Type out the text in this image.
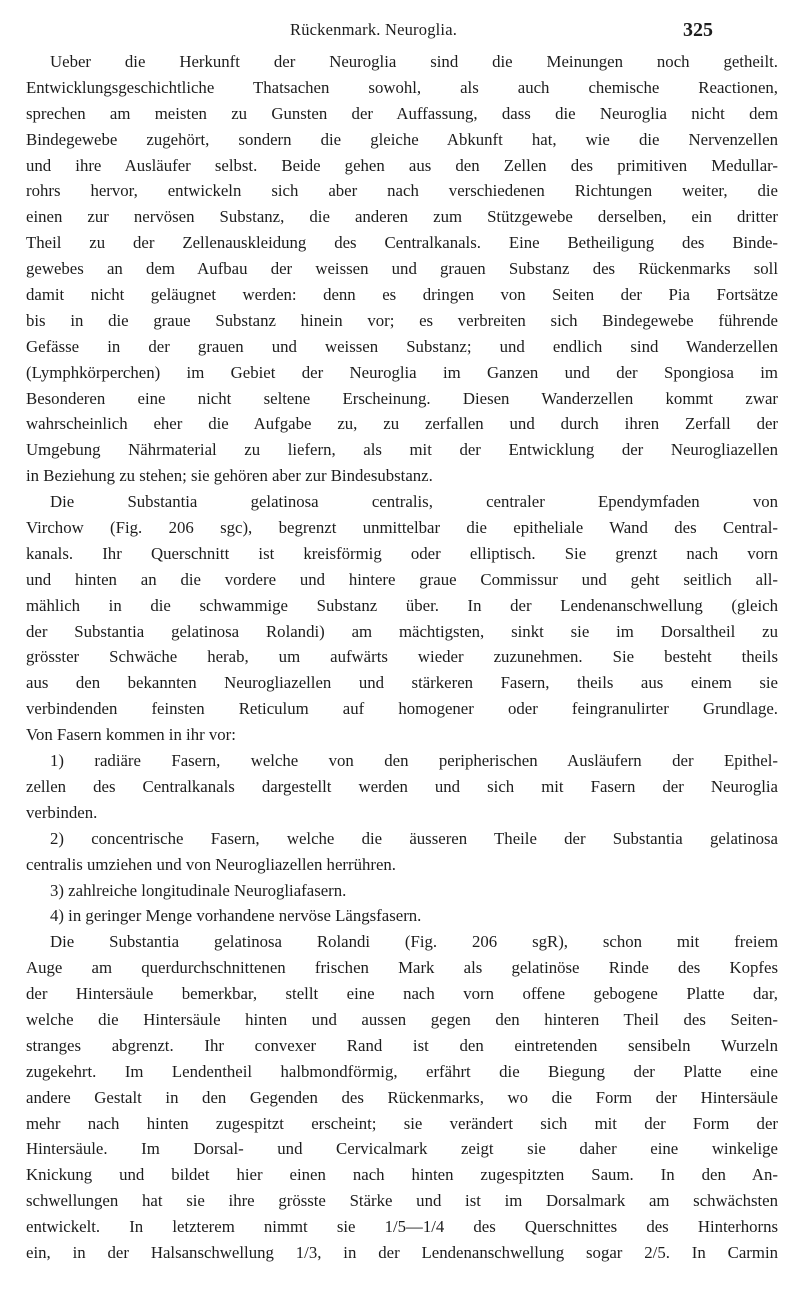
Rückenmark. Neuroglia.	325
Ueber die Herkunft der Neuroglia sind die Meinungen noch getheilt.
Entwicklungsgeschichtliche Thatsachen sowohl, als auch chemische Reactionen,
sprechen am meisten zu Gunsten der Auffassung, dass die Neuroglia nicht dem
Bindegewebe zugehört, sondern die gleiche Abkunft hat, wie die Nervenzellen
und ihre Ausläufer selbst. Beide gehen aus den Zellen des primitiven Medullar-
rohrs hervor, entwickeln sich aber nach verschiedenen Richtungen weiter, die
einen zur nervösen Substanz, die anderen zum Stützgewebe derselben, ein dritter
Theil zu der Zellenauskleidung des Centralkanals. Eine Betheiligung des Binde-
gewebes an dem Aufbau der weissen und grauen Substanz des Rückenmarks soll
damit nicht geläugnet werden: denn es dringen von Seiten der Pia Fortsätze
bis in die graue Substanz hinein vor; es verbreiten sich Bindegewebe führende
Gefässe in der grauen und weissen Substanz; und endlich sind Wanderzellen
(Lymphkörperchen) im Gebiet der Neuroglia im Ganzen und der Spongiosa im
Besonderen eine nicht seltene Erscheinung. Diesen Wanderzellen kommt zwar
wahrscheinlich eher die Aufgabe zu, zu zerfallen und durch ihren Zerfall der
Umgebung Nährmaterial zu liefern, als mit der Entwicklung der Neurogliazellen
in Beziehung zu stehen; sie gehören aber zur Bindesubstanz.
Die Substantia gelatinosa centralis, centraler Ependymfaden von
Virchow (Fig. 206 sgc), begrenzt unmittelbar die epitheliale Wand des Central-
kanals. Ihr Querschnitt ist kreisförmig oder elliptisch. Sie grenzt nach vorn
und hinten an die vordere und hintere graue Commissur und geht seitlich all-
mählich in die schwammige Substanz über. In der Lendenanschwellung (gleich
der Substantia gelatinosa Rolandi) am mächtigsten, sinkt sie im Dorsaltheil zu
grösster Schwäche herab, um aufwärts wieder zuzunehmen. Sie besteht theils
aus den bekannten Neurogliazellen und stärkeren Fasern, theils aus einem sie
verbindenden feinsten Reticulum auf homogener oder feingranulirter Grundlage.
Von Fasern kommen in ihr vor:
1) radiäre Fasern, welche von den peripherischen Ausläufern der Epithel-
zellen des Centralkanals dargestellt werden und sich mit Fasern der Neuroglia
verbinden.
2) concentrische Fasern, welche die äusseren Theile der Substantia gelatinosa
centralis umziehen und von Neurogliazellen herrühren.
3) zahlreiche longitudinale Neurogliafasern.
4) in geringer Menge vorhandene nervöse Längsfasern.
Die Substantia gelatinosa Rolandi (Fig. 206 sgR), schon mit freiem
Auge am querdurchschnittenen frischen Mark als gelatinöse Rinde des Kopfes
der Hintersäule bemerkbar, stellt eine nach vorn offene gebogene Platte dar,
welche die Hintersäule hinten und aussen gegen den hinteren Theil des Seiten-
stranges abgrenzt. Ihr convexer Rand ist den eintretenden sensibeln Wurzeln
zugekehrt. Im Lendentheil halbmondförmig, erfährt die Biegung der Platte eine
andere Gestalt in den Gegenden des Rückenmarks, wo die Form der Hintersäule
mehr nach hinten zugespitzt erscheint; sie verändert sich mit der Form der
Hintersäule. Im Dorsal- und Cervicalmark zeigt sie daher eine winkelige
Knickung und bildet hier einen nach hinten zugespitzten Saum. In den An-
schwellungen hat sie ihre grösste Stärke und ist im Dorsalmark am schwächsten
entwickelt. In letzterem nimmt sie 1/5—1/4 des Querschnittes des Hinterhorns
ein, in der Halsanschwellung 1/3, in der Lendenanschwellung sogar 2/5. In Carmin
